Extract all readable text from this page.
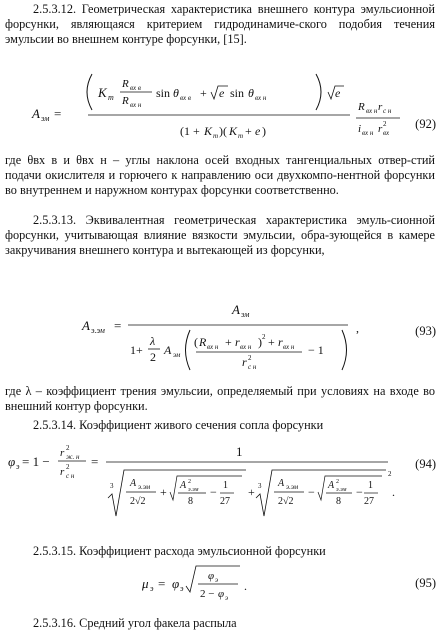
2.5.3.12. Геометрическая характеристика внешнего контура эмульсионной форсунки, являющаяся критерием гидродинамиче-ского подобия течения эмульсии во внешнем контуре форсунки, [15].
A эм =
K m
R вх в
R вх н
sin θ вх в + e sin θ вх н	e
(1 + K m )( K m + e )
R вх н r с н
i вх н r 2
вх
(92)
где θвх в и θвх н – углы наклона осей входных тангенциальных отвер-стий подачи окислителя и горючего к направлению оси двухкомпо-нентной форсунки во внутреннем и наружном контурах форсунки соответственно.
2.5.3.13. Эквивалентная геометрическая характеристика эмуль-сионной форсунки, учитывающая влияние вязкости эмульсии, обра-зующейся в камере закручивания внешнего контура и вытекающей из форсунки,
A э.эм =
A эм
1+
λ
2 A эм
( R вх н + r вх н ) 2 + r вх н
r 2
с н
− 1
,	(93)
где λ – коэффициент трения эмульсии, определяемый при условиях на входе во внешний контур форсунки.
2.5.3.14. Коэффициент живого сечения сопла форсунки
φ э = 1 −
r 2
ж. н
r 2
с н
=
1
3 A э.эм
2√2
+ A 2
э.эм
8
− 1
27
+ 3 A э.эм
2√2
− A 2
э.эм
8
− 1
27
2
.
(94)
2.5.3.15. Коэффициент расхода эмульсионной форсунки
μ э = φ э
φ э
2 − φ э
.	(95)
2.5.3.16. Средний угол факела распыла
